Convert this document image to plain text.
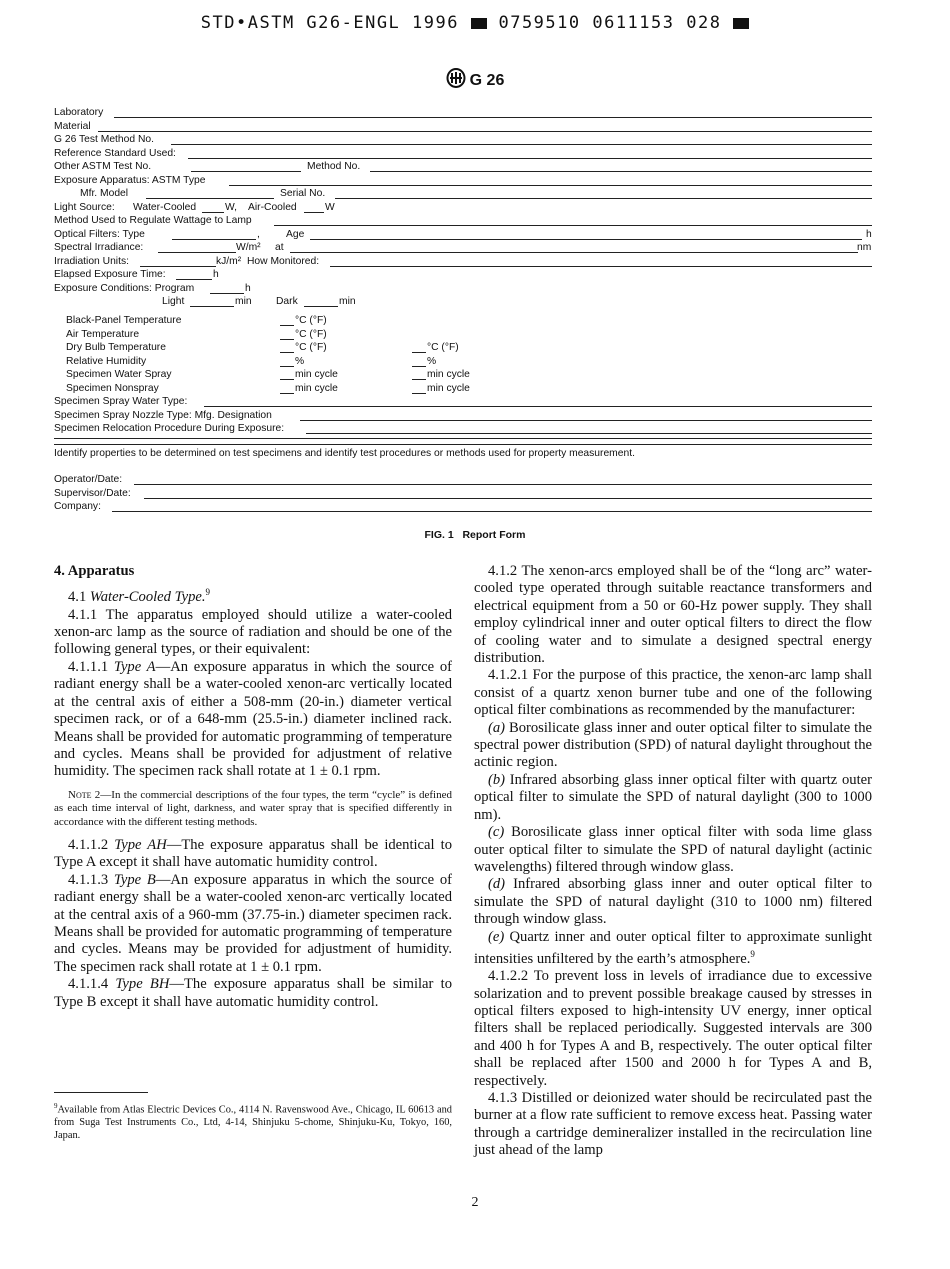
STD•ASTM G26-ENGL 1996 0759510 0611153 028
G 26
Laboratory
Material
G 26 Test Method No.
Reference Standard Used:
Other ASTM Test No.	Method No.
Exposure Apparatus: ASTM Type
Mfr. Model	Serial No.
Light Source: Water-Cooled	W, Air-Cooled	W
Method Used to Regulate Wattage to Lamp
Optical Filters: Type	,	Age	h
Spectral Irradiance:	W/m² at	nm
Irradiation Units:	kJ/m² How Monitored:
Elapsed Exposure Time:	h
Exposure Conditions: Program	h
Light	min Dark	min
Black-Panel Temperature	°C (°F)
Air Temperature	°C (°F)
Dry Bulb Temperature	°C (°F)	°C (°F)
Relative Humidity	%	%
Specimen Water Spray	min cycle	min cycle
Specimen Nonspray	min cycle	min cycle
Specimen Spray Water Type:
Specimen Spray Nozzle Type: Mfg. Designation
Specimen Relocation Procedure During Exposure:
Identify properties to be determined on test specimens and identify test procedures or methods used for property measurement.
Operator/Date:
Supervisor/Date:
Company:
FIG. 1 Report Form

4. Apparatus

4.1 Water-Cooled Type.$^9$

4.1.1 The apparatus employed should utilize a water-cooled xenon-arc lamp as the source of radiation and should be one of the following general types, or their equivalent:

4.1.1.1 Type A—An exposure apparatus in which the source of radiant energy shall be a water-cooled xenon-arc vertically located at the central axis of either a 508-mm (20-in.) diameter vertical specimen rack, or of a 648-mm (25.5-in.) diameter inclined rack. Means shall be provided for automatic programming of temperature and cycles. Means shall be provided for adjustment of relative humidity. The specimen rack shall rotate at 1 ± 0.1 rpm.

Note 2—In the commercial descriptions of the four types, the term “cycle” is defined as each time interval of light, darkness, and water spray that is specified differently in accordance with the different testing methods.

4.1.1.2 Type AH—The exposure apparatus shall be identical to Type A except it shall have automatic humidity control.

4.1.1.3 Type B—An exposure apparatus in which the source of radiant energy shall be a water-cooled xenon-arc vertically located at the central axis of a 960-mm (37.75-in.) diameter specimen rack. Means shall be provided for automatic programming of temperature and cycles. Means may be provided for adjustment of humidity. The specimen rack shall rotate at 1 ± 0.1 rpm.

4.1.1.4 Type BH—The exposure apparatus shall be similar to Type B except it shall have automatic humidity control.

$^9$Available from Atlas Electric Devices Co., 4114 N. Ravenswood Ave., Chicago, IL 60613 and from Suga Test Instruments Co., Ltd, 4-14, Shinjuku 5-chome, Shinjuku-Ku, Tokyo, 160, Japan.

4.1.2 The xenon-arcs employed shall be of the “long arc” water-cooled type operated through suitable reactance transformers and electrical equipment from a 50 or 60-Hz power supply. They shall employ cylindrical inner and outer optical filters to direct the flow of cooling water and to simulate a designed spectral energy distribution.

4.1.2.1 For the purpose of this practice, the xenon-arc lamp shall consist of a quartz xenon burner tube and one of the following optical filter combinations as recommended by the manufacturer:

(a) Borosilicate glass inner and outer optical filter to simulate the spectral power distribution (SPD) of natural daylight throughout the actinic region.

(b) Infrared absorbing glass inner optical filter with quartz outer optical filter to simulate the SPD of natural daylight (300 to 1000 nm).

(c) Borosilicate glass inner optical filter with soda lime glass outer optical filter to simulate the SPD of natural daylight (actinic wavelengths) filtered through window glass.

(d) Infrared absorbing glass inner and outer optical filter to simulate the SPD of natural daylight (310 to 1000 nm) filtered through window glass.

(e) Quartz inner and outer optical filter to approximate sunlight intensities unfiltered by the earth’s atmosphere.$^9$

4.1.2.2 To prevent loss in levels of irradiance due to excessive solarization and to prevent possible breakage caused by stresses in optical filters exposed to high-intensity UV energy, inner optical filters shall be replaced periodically. Suggested intervals are 300 and 400 h for Types A and B, respectively. The outer optical filter shall be replaced after 1500 and 2000 h for Types A and B, respectively.

4.1.3 Distilled or deionized water should be recirculated past the burner at a flow rate sufficient to remove excess heat. Passing water through a cartridge demineralizer installed in the recirculation line just ahead of the lamp

2
